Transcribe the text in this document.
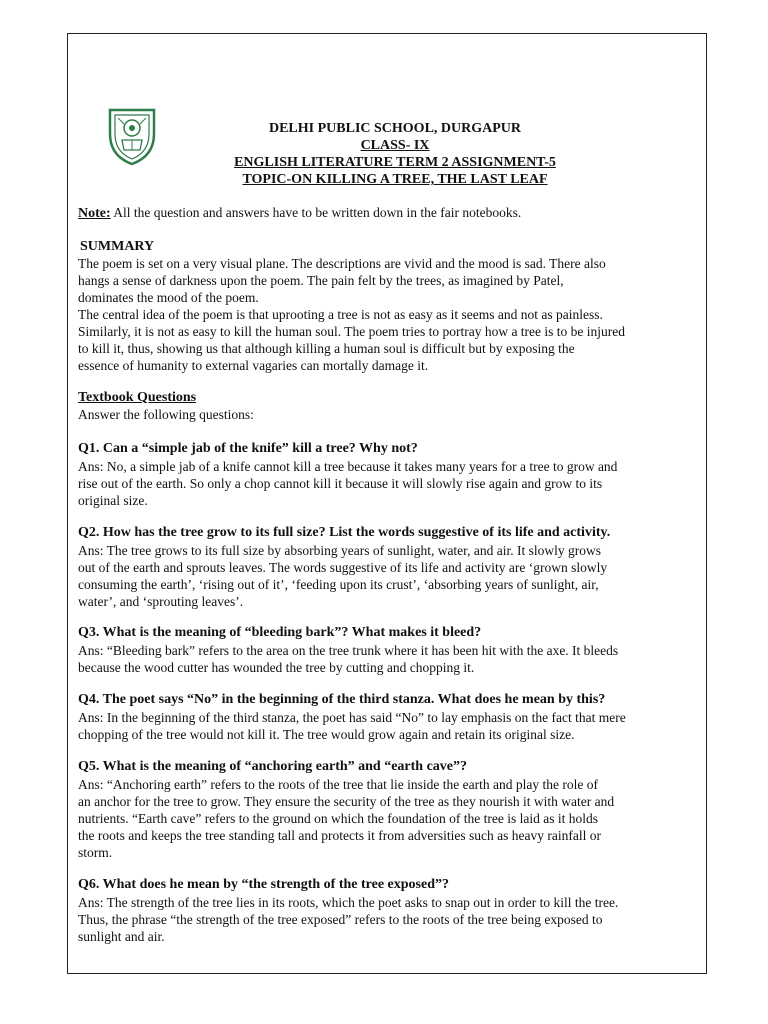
DELHI PUBLIC SCHOOL, DURGAPUR
CLASS- IX
ENGLISH LITERATURE TERM 2 ASSIGNMENT-5
TOPIC-ON KILLING A TREE, THE LAST LEAF
Note: All the question and answers have to be written down in the fair notebooks.
SUMMARY
The poem is set on a very visual plane. The descriptions are vivid and the mood is sad. There also
hangs a sense of darkness upon the poem. The pain felt by the trees, as imagined by Patel,
dominates the mood of the poem.
The central idea of the poem is that uprooting a tree is not as easy as it seems and not as painless.
Similarly, it is not as easy to kill the human soul. The poem tries to portray how a tree is to be injured
to kill it, thus, showing us that although killing a human soul is difficult but by exposing the
essence of humanity to external vagaries can mortally damage it.
Textbook Questions
Answer the following questions:
Q1. Can a “simple jab of the knife” kill a tree? Why not?
Ans: No, a simple jab of a knife cannot kill a tree because it takes many years for a tree to grow and
rise out of the earth. So only a chop cannot kill it because it will slowly rise again and grow to its
original size.
Q2. How has the tree grow to its full size? List the words suggestive of its life and activity.
Ans: The tree grows to its full size by absorbing years of sunlight, water, and air. It slowly grows
out of the earth and sprouts leaves. The words suggestive of its life and activity are ‘grown slowly
consuming the earth’, ‘rising out of it’, ‘feeding upon its crust’, ‘absorbing years of sunlight, air,
water’, and ‘sprouting leaves’.
Q3. What is the meaning of “bleeding bark”? What makes it bleed?
Ans: “Bleeding bark” refers to the area on the tree trunk where it has been hit with the axe. It bleeds
because the wood cutter has wounded the tree by cutting and chopping it.
Q4. The poet says “No” in the beginning of the third stanza. What does he mean by this?
Ans: In the beginning of the third stanza, the poet has said “No” to lay emphasis on the fact that mere
chopping of the tree would not kill it. The tree would grow again and retain its original size.
Q5. What is the meaning of “anchoring earth” and “earth cave”?
Ans: “Anchoring earth” refers to the roots of the tree that lie inside the earth and play the role of
an anchor for the tree to grow. They ensure the security of the tree as they nourish it with water and
nutrients. “Earth cave” refers to the ground on which the foundation of the tree is laid as it holds
the roots and keeps the tree standing tall and protects it from adversities such as heavy rainfall or
storm.
Q6. What does he mean by “the strength of the tree exposed”?
Ans: The strength of the tree lies in its roots, which the poet asks to snap out in order to kill the tree.
Thus, the phrase “the strength of the tree exposed” refers to the roots of the tree being exposed to
sunlight and air.
